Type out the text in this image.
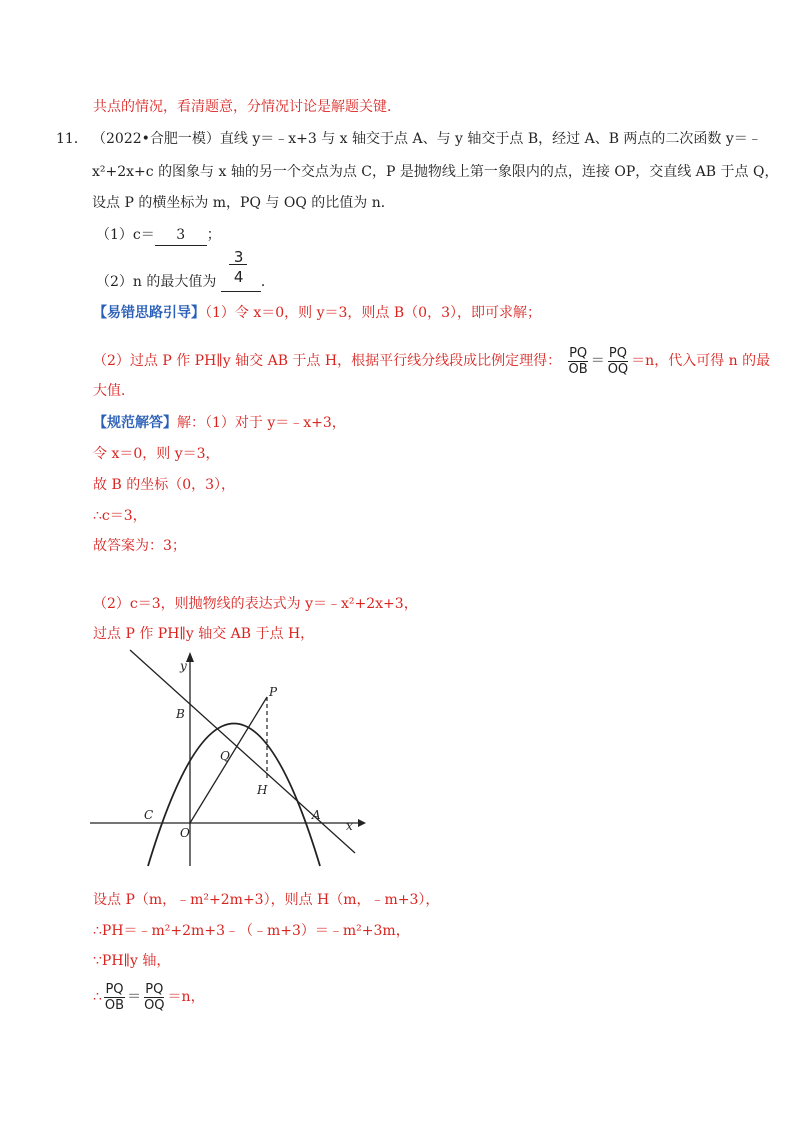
共点的情况，看清题意，分情况讨论是解题关键．
11． （2022•合肥一模）直线 y＝﹣x+3 与 x 轴交于点 A、与 y 轴交于点 B，经过 A、B 两点的二次函数 y＝﹣
x²+2x+c 的图象与 x 轴的另一个交点为点 C，P 是抛物线上第一象限内的点，连接 OP，交直线 AB 于点 Q，
设点 P 的横坐标为 m，PQ 与 OQ 的比值为 n．
（1）c＝ 3 ；
（2）n 的最大值为 $\frac{3}{4}$ ．
【易错思路引导】（1）令 x＝0，则 y＝3，则点 B（0，3），即可求解；
（2）过点 P 作 PH∥y 轴交 AB 于点 H，根据平行线分线段成比例定理得： $\frac{PQ}{OB} = \frac{PQ}{OQ} =n$，代入可得 n 的最
大值．
【规范解答】解：（1）对于 y＝﹣x+3，
令 x＝0，则 y＝3，
故 B 的坐标（0，3），
∴c＝3，
故答案为：3；
（2）c＝3，则抛物线的表达式为 y＝﹣x²+2x+3，
过点 P 作 PH∥y 轴交 AB 于点 H，
y
x
B
P
Q
H
C
O
A
设点 P（m，﹣m²+2m+3），则点 H（m，﹣m+3），
∴PH＝﹣m²+2m+3﹣（﹣m+3）＝﹣m²+3m，
∵PH∥y 轴，
∴ $\frac{PQ}{OB} = \frac{PQ}{OQ} =n$，
